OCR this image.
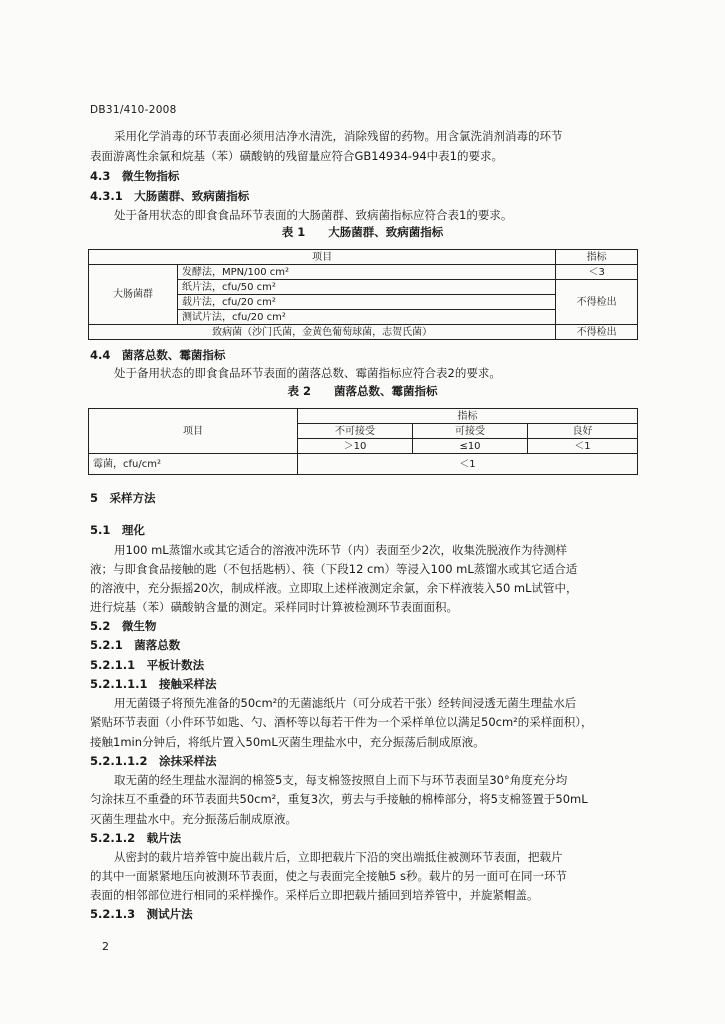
DB31/410-2008
采用化学消毒的环节表面必须用洁净水清洗，消除残留的药物。用含氯洗消剂消毒的环节
表面游离性余氯和烷基（苯）磺酸钠的残留量应符合GB14934-94中表1的要求。
4.3　微生物指标
4.3.1　大肠菌群、致病菌指标
处于备用状态的即食食品环节表面的大肠菌群、致病菌指标应符合表1的要求。
表 1　　大肠菌群、致病菌指标
项目		指标
大肠菌群	发酵法，MPN/100 cm²	＜3
	纸片法，cfu/50 cm²	不得检出
	载片法，cfu/20 cm²	
	测试片法，cfu/20 cm²	
致病菌（沙门氏菌，金黄色葡萄球菌，志贺氏菌）		不得检出
4.4　菌落总数、霉菌指标
处于备用状态的即食食品环节表面的菌落总数、霉菌指标应符合表2的要求。
表 2　　菌落总数、霉菌指标
项目	指标		
	不可接受	可接受	良好
	＞10	≤10	＜1
霉菌，cfu/cm²	＜1		
5　采样方法
5.1　理化
用100 mL蒸馏水或其它适合的溶液冲洗环节（内）表面至少2次，收集洗脱液作为待测样
液；与即食食品接触的匙（不包括匙柄）、筷（下段12 cm）等浸入100 mL蒸馏水或其它适合适
的溶液中，充分振摇20次，制成样液。立即取上述样液测定余氯，余下样液装入50 mL试管中，
进行烷基（苯）磺酸钠含量的测定。采样同时计算被检测环节表面面积。
5.2　微生物
5.2.1　菌落总数
5.2.1.1　平板计数法
5.2.1.1.1　接触采样法
用无菌镊子将预先准备的50cm²的无菌滤纸片（可分成若干张）经转间浸透无菌生理盐水后
紧贴环节表面（小件环节如匙、勺、酒杯等以每若干件为一个采样单位以满足50cm²的采样面积），
接触1min分钟后，将纸片置入50mL灭菌生理盐水中，充分振荡后制成原液。
5.2.1.1.2　涂抹采样法
取无菌的经生理盐水湿润的棉签5支，每支棉签按照自上而下与环节表面呈30°角度充分均
匀涂抹互不重叠的环节表面共50cm²，重复3次，剪去与手接触的棉棒部分，将5支棉签置于50mL
灭菌生理盐水中。充分振荡后制成原液。
5.2.1.2　载片法
从密封的载片培养管中旋出载片后，立即把载片下沿的突出端抵住被测环节表面，把载片
的其中一面紧紧地压向被测环节表面，使之与表面完全接触5 s秒。载片的另一面可在同一环节
表面的相邻部位进行相同的采样操作。采样后立即把载片插回到培养管中，并旋紧帽盖。
5.2.1.3　测试片法
2
